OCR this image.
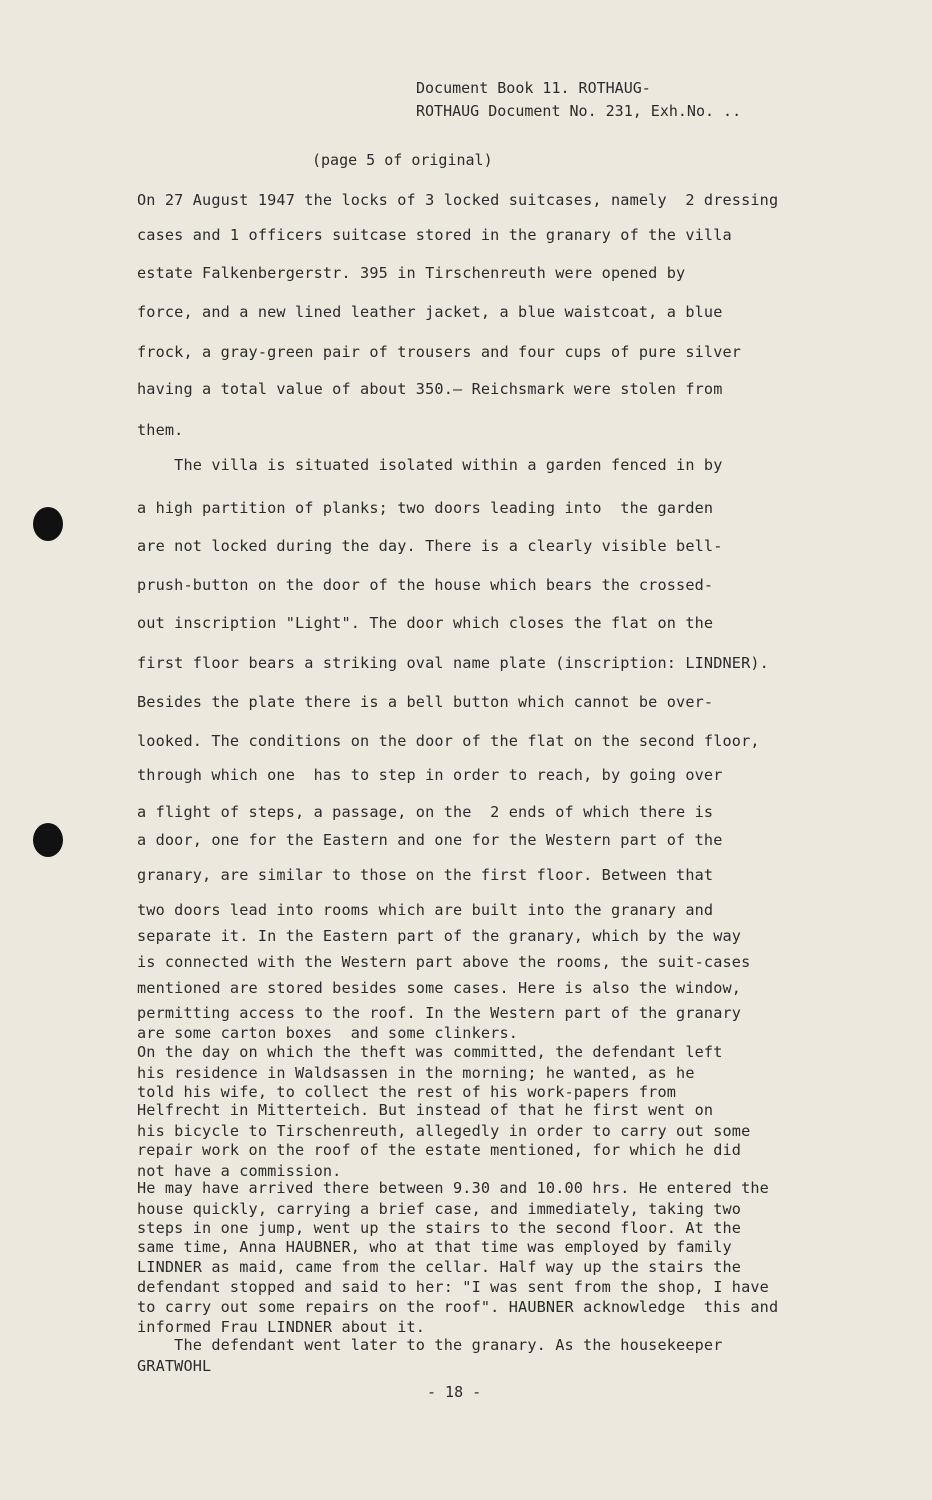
Document Book 11. ROTHAUG-
ROTHAUG Document No. 231, Exh.No. ..
(page 5 of original)
On 27 August 1947 the locks of 3 locked suitcases, namely  2 dressing
cases and 1 officers suitcase stored in the granary of the villa
estate Falkenbergerstr. 395 in Tirschenreuth were opened by
force, and a new lined leather jacket, a blue waistcoat, a blue
frock, a gray-green pair of trousers and four cups of pure silver
having a total value of about 350.— Reichsmark were stolen from
them.
The villa is situated isolated within a garden fenced in by
a high partition of planks; two doors leading into  the garden
are not locked during the day. There is a clearly visible bell-
prush-button on the door of the house which bears the crossed-
out inscription "Light". The door which closes the flat on the
first floor bears a striking oval name plate (inscription: LINDNER).
Besides the plate there is a bell button which cannot be over-
looked. The conditions on the door of the flat on the second floor,
through which one  has to step in order to reach, by going over
a flight of steps, a passage, on the  2 ends of which there is
a door, one for the Eastern and one for the Western part of the
granary, are similar to those on the first floor. Between that
two doors lead into rooms which are built into the granary and
separate it. In the Eastern part of the granary, which by the way
is connected with the Western part above the rooms, the suit-cases
mentioned are stored besides some cases. Here is also the window,
permitting access to the roof. In the Western part of the granary
are some carton boxes  and some clinkers.
On the day on which the theft was committed, the defendant left
his residence in Waldsassen in the morning; he wanted, as he
told his wife, to collect the rest of his work-papers from
Helfrecht in Mitterteich. But instead of that he first went on
his bicycle to Tirschenreuth, allegedly in order to carry out some
repair work on the roof of the estate mentioned, for which he did
not have a commission.
He may have arrived there between 9.30 and 10.00 hrs. He entered the
house quickly, carrying a brief case, and immediately, taking two
steps in one jump, went up the stairs to the second floor. At the
same time, Anna HAUBNER, who at that time was employed by family
LINDNER as maid, came from the cellar. Half way up the stairs the
defendant stopped and said to her: "I was sent from the shop, I have
to carry out some repairs on the roof". HAUBNER acknowledge  this and
informed Frau LINDNER about it.
The defendant went later to the granary. As the housekeeper
GRATWOHL
- 18 -
